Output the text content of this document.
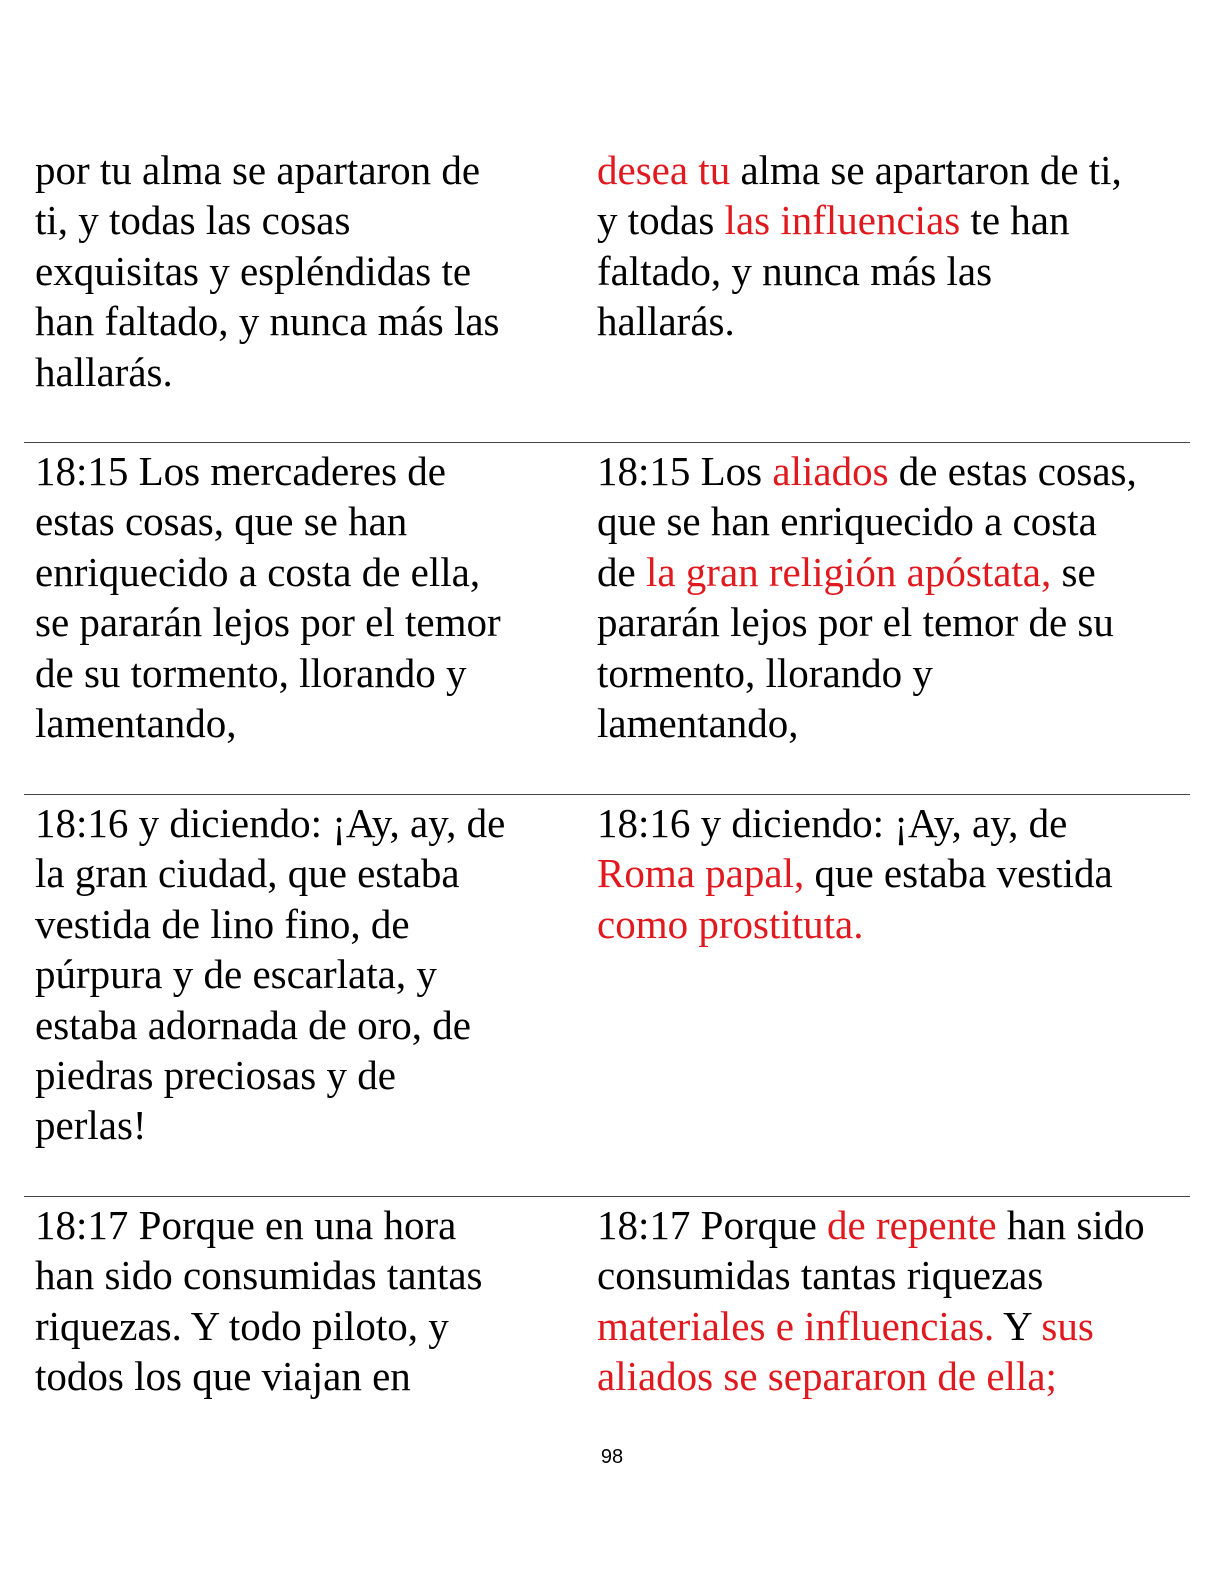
por tu alma se apartaron de
ti, y todas las cosas
exquisitas y espléndidas te
han faltado, y nunca más las
hallarás.
desea tu alma se apartaron de ti,
y todas las influencias te han
faltado, y nunca más las
hallarás.
18:15 Los mercaderes de
estas cosas, que se han
enriquecido a costa de ella,
se pararán lejos por el temor
de su tormento, llorando y
lamentando,
18:15 Los aliados de estas cosas,
que se han enriquecido a costa
de la gran religión apóstata, se
pararán lejos por el temor de su
tormento, llorando y
lamentando,
18:16 y diciendo: ¡Ay, ay, de
la gran ciudad, que estaba
vestida de lino fino, de
púrpura y de escarlata, y
estaba adornada de oro, de
piedras preciosas y de
perlas!
18:16 y diciendo: ¡Ay, ay, de
Roma papal, que estaba vestida
como prostituta.
18:17 Porque en una hora
han sido consumidas tantas
riquezas. Y todo piloto, y
todos los que viajan en
18:17 Porque de repente han sido
consumidas tantas riquezas
materiales e influencias. Y sus
aliados se separaron de ella;
98
